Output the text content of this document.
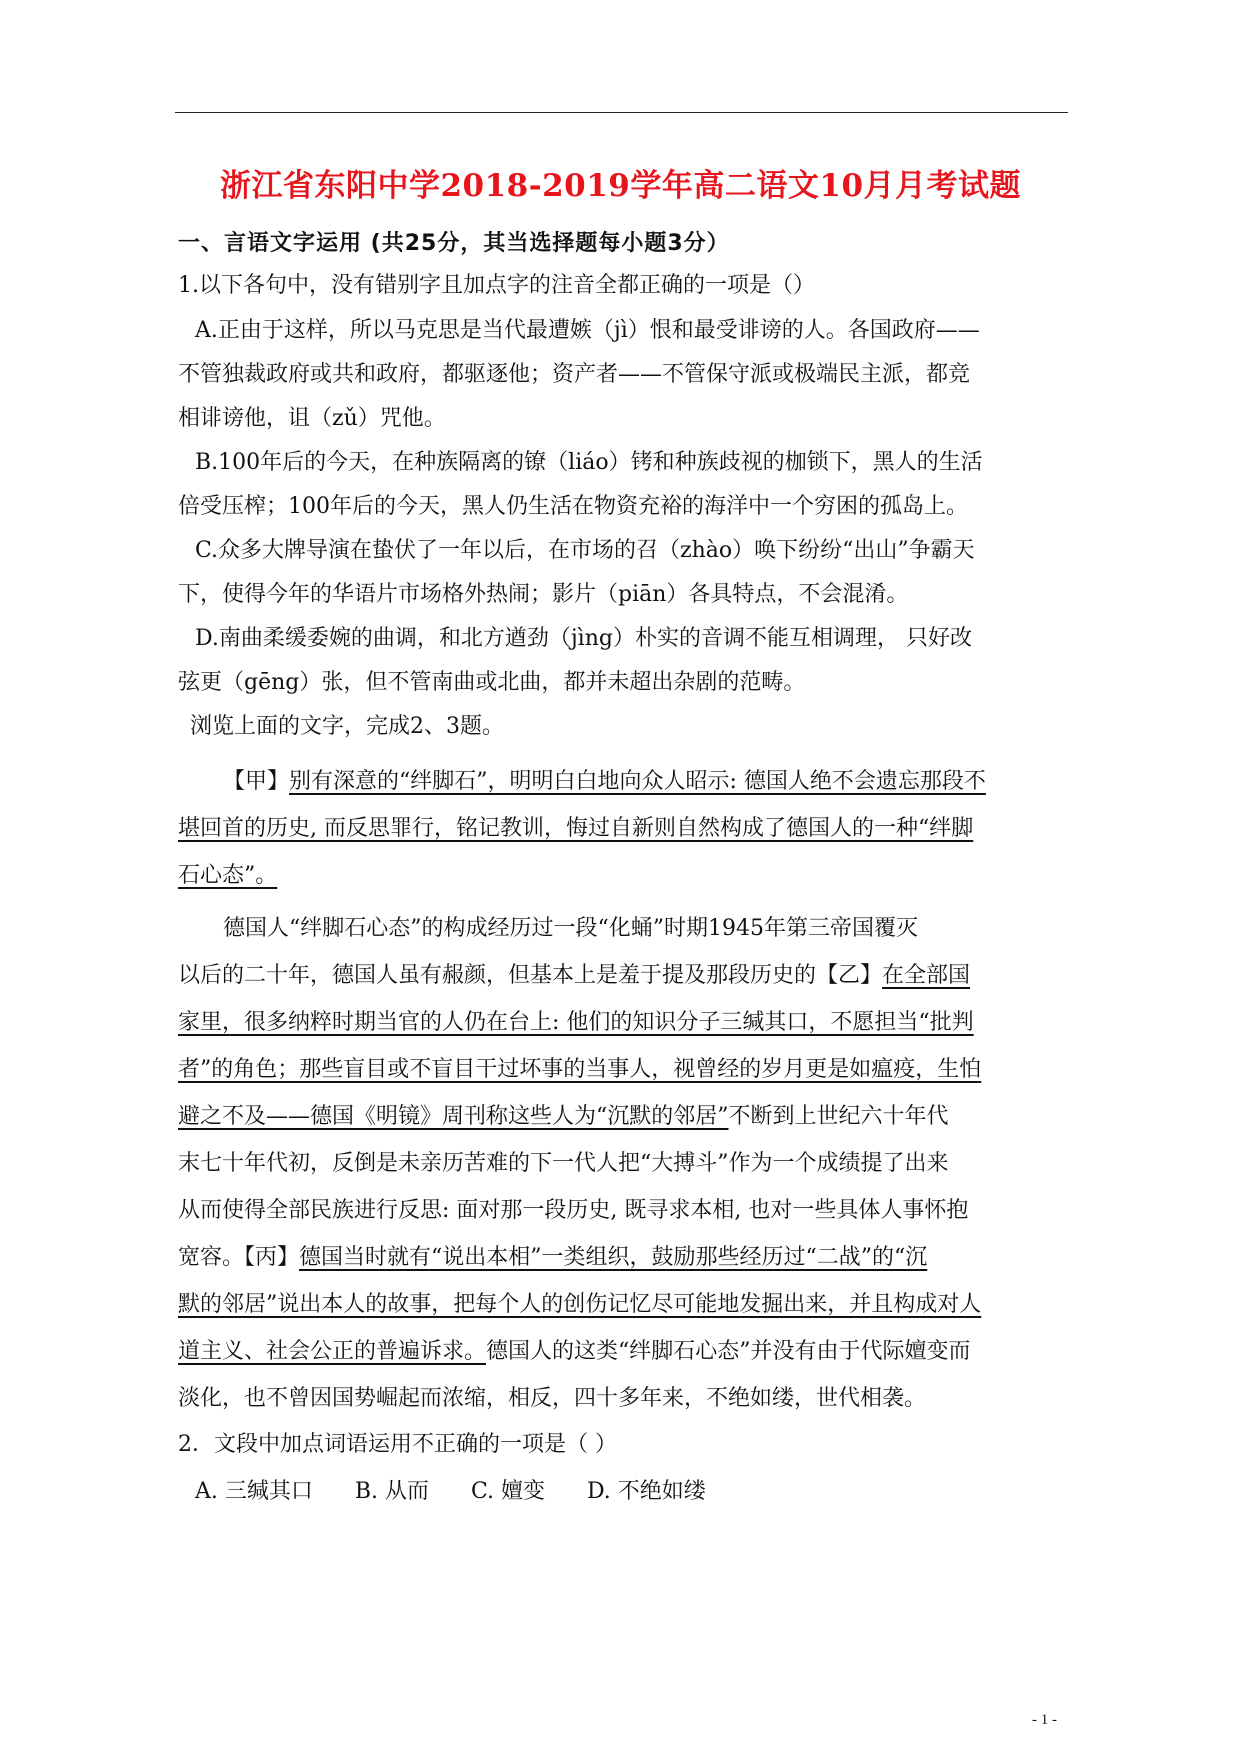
浙江省东阳中学2018-2019学年高二语文10月月考试题
一、言语文字运用 (共25分，其当选择题每小题3分）
1.以下各句中，没有错别字且加点字的注音全都正确的一项是（）
A.正由于这样，所以马克思是当代最遭嫉（jì）恨和最受诽谤的人。各国政府——
不管独裁政府或共和政府，都驱逐他；资产者——不管保守派或极端民主派，都竞
相诽谤他，诅（zǔ）咒他。
B.100年后的今天，在种族隔离的镣（liáo）铐和种族歧视的枷锁下，黑人的生活
倍受压榨；100年后的今天，黑人仍生活在物资充裕的海洋中一个穷困的孤岛上。
C.众多大牌导演在蛰伏了一年以后，在市场的召（zhào）唤下纷纷“出山”争霸天
下，使得今年的华语片市场格外热闹；影片（piān）各具特点，不会混淆。
D.南曲柔缓委婉的曲调，和北方遒劲（jìng）朴实的音调不能互相调理， 只好改
弦更（gēng）张，但不管南曲或北曲，都并未超出杂剧的范畴。
浏览上面的文字，完成2、3题。
【甲】别有深意的“绊脚石”，明明白白地向众人昭示: 德国人绝不会遗忘那段不
堪回首的历史, 而反思罪行，铭记教训，悔过自新则自然构成了德国人的一种“绊脚
石心态”。
德国人“绊脚石心态”的构成经历过一段“化蛹”时期1945年第三帝国覆灭
以后的二十年，德国人虽有赧颜，但基本上是羞于提及那段历史的【乙】在全部国
家里，很多纳粹时期当官的人仍在台上: 他们的知识分子三缄其口，不愿担当“批判
者”的角色；那些盲目或不盲目干过坏事的当事人，视曾经的岁月更是如瘟疫，生怕
避之不及——德国《明镜》周刊称这些人为“沉默的邻居”不断到上世纪六十年代
末七十年代初，反倒是未亲历苦难的下一代人把“大搏斗”作为一个成绩提了出来
从而使得全部民族进行反思: 面对那一段历史, 既寻求本相, 也对一些具体人事怀抱
宽容。【丙】德国当时就有“说出本相”一类组织，鼓励那些经历过“二战”的“沉
默的邻居”说出本人的故事，把每个人的创伤记忆尽可能地发掘出来，并且构成对人
道主义、社会公正的普遍诉求。德国人的这类“绊脚石心态”并没有由于代际嬗变而
淡化，也不曾因国势崛起而浓缩，相反，四十多年来，不绝如缕，世代相袭。
2．文段中加点词语运用不正确的一项是（ ）
A. 三缄其口      B. 从而      C. 嬗变      D. 不绝如缕
- 1 -
